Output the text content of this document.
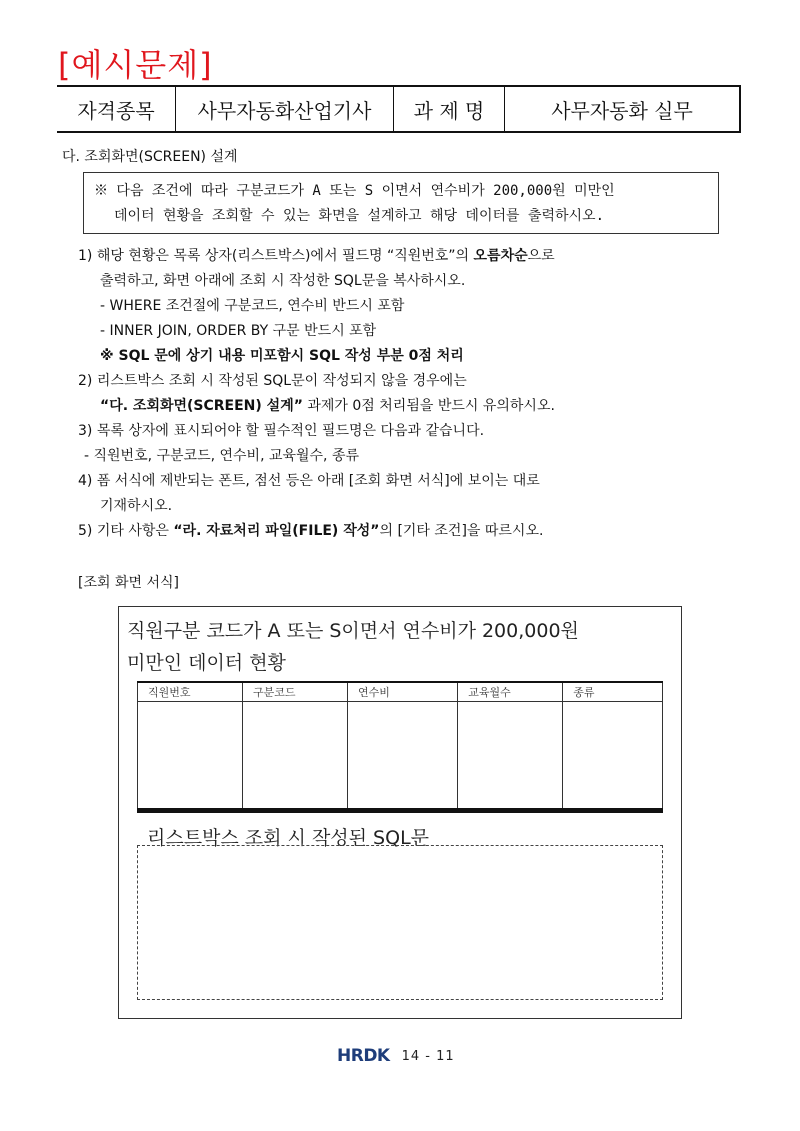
[예시문제]
자격종목	사무자동화산업기사	과 제 명	사무자동화 실무
다. 조회화면(SCREEN) 설계
※ 다음 조건에 따라 구분코드가 A 또는 S 이면서 연수비가 200,000원 미만인
데이터 현황을 조회할 수 있는 화면을 설계하고 해당 데이터를 출력하시오.
1) 해당 현황은 목록 상자(리스트박스)에서 필드명 “직원번호”의 오름차순으로
출력하고, 화면 아래에 조회 시 작성한 SQL문을 복사하시오.
- WHERE 조건절에 구분코드, 연수비 반드시 포함
- INNER JOIN, ORDER BY 구문 반드시 포함
※ SQL 문에 상기 내용 미포함시 SQL 작성 부분 0점 처리
2) 리스트박스 조회 시 작성된 SQL문이 작성되지 않을 경우에는
“다. 조회화면(SCREEN) 설계” 과제가 0점 처리됨을 반드시 유의하시오.
3) 목록 상자에 표시되어야 할 필수적인 필드명은 다음과 같습니다.
- 직원번호, 구분코드, 연수비, 교육월수, 종류
4) 폼 서식에 제반되는 폰트, 점선 등은 아래 [조회 화면 서식]에 보이는 대로
기재하시오.
5) 기타 사항은 “라. 자료처리 파일(FILE) 작성”의 [기타 조건]을 따르시오.
[조회 화면 서식]
직원구분 코드가 A 또는 S이면서 연수비가 200,000원
미만인 데이터 현황
직원번호	구분코드	연수비	교육월수	종류

리스트박스 조회 시 작성된 SQL문
HRDK 14 - 11
